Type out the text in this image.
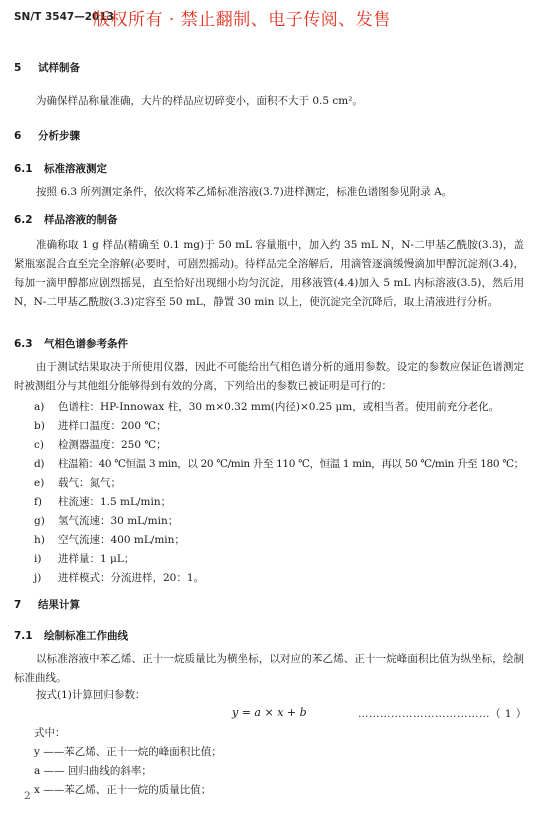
SN/T 3547—2013
版权所有 · 禁止翻制、电子传阅、发售
5 试样制备
为确保样品称量准确，大片的样品应切碎变小，面积不大于 0.5 cm²。
6 分析步骤
6.1 标准溶液测定
按照 6.3 所列测定条件，依次将苯乙烯标准溶液(3.7)进样测定，标准色谱图参见附录 A。
6.2 样品溶液的制备
准确称取 1 g 样品(精确至 0.1 mg)于 50 mL 容量瓶中，加入约 35 mL N，N-二甲基乙酰胺(3.3)，盖紧瓶塞混合直至完全溶解(必要时，可剧烈摇动)。待样品完全溶解后，用滴管逐滴缓慢滴加甲醇沉淀剂(3.4)，每加一滴甲醇都应剧烈摇晃，直至恰好出现细小均匀沉淀，用移液管(4.4)加入 5 mL 内标溶液(3.5)，然后用 N，N-二甲基乙酰胺(3.3)定容至 50 mL，静置 30 min 以上，使沉淀完全沉降后，取上清液进行分析。
6.3 气相色谱参考条件
由于测试结果取决于所使用仪器，因此不可能给出气相色谱分析的通用参数。设定的参数应保证色谱测定时被测组分与其他组分能够得到有效的分离，下列给出的参数已被证明是可行的：
a) 色谱柱：HP-Innowax 柱，30 m×0.32 mm(内径)×0.25 μm，或相当者。使用前充分老化。
b) 进样口温度：200 ℃；
c) 检测器温度：250 ℃；
d) 柱温箱：40 ℃恒温 3 min，以 20 ℃/min 升至 110 ℃，恒温 1 min，再以 50 ℃/min 升至 180 ℃；
e) 载气：氮气；
f) 柱流速：1.5 mL/min；
g) 氢气流速：30 mL/min；
h) 空气流速：400 mL/min；
i) 进样量：1 μL；
j) 进样模式：分流进样，20：1。
7 结果计算
7.1 绘制标准工作曲线
以标准溶液中苯乙烯、正十一烷质量比为横坐标，以对应的苯乙烯、正十一烷峰面积比值为纵坐标，绘制标准曲线。
按式(1)计算回归参数：
y = a × x + b	………………………………（ 1 ）
式中：
y ——苯乙烯、正十一烷的峰面积比值；
a —— 回归曲线的斜率；
x ——苯乙烯、正十一烷的质量比值；
2
